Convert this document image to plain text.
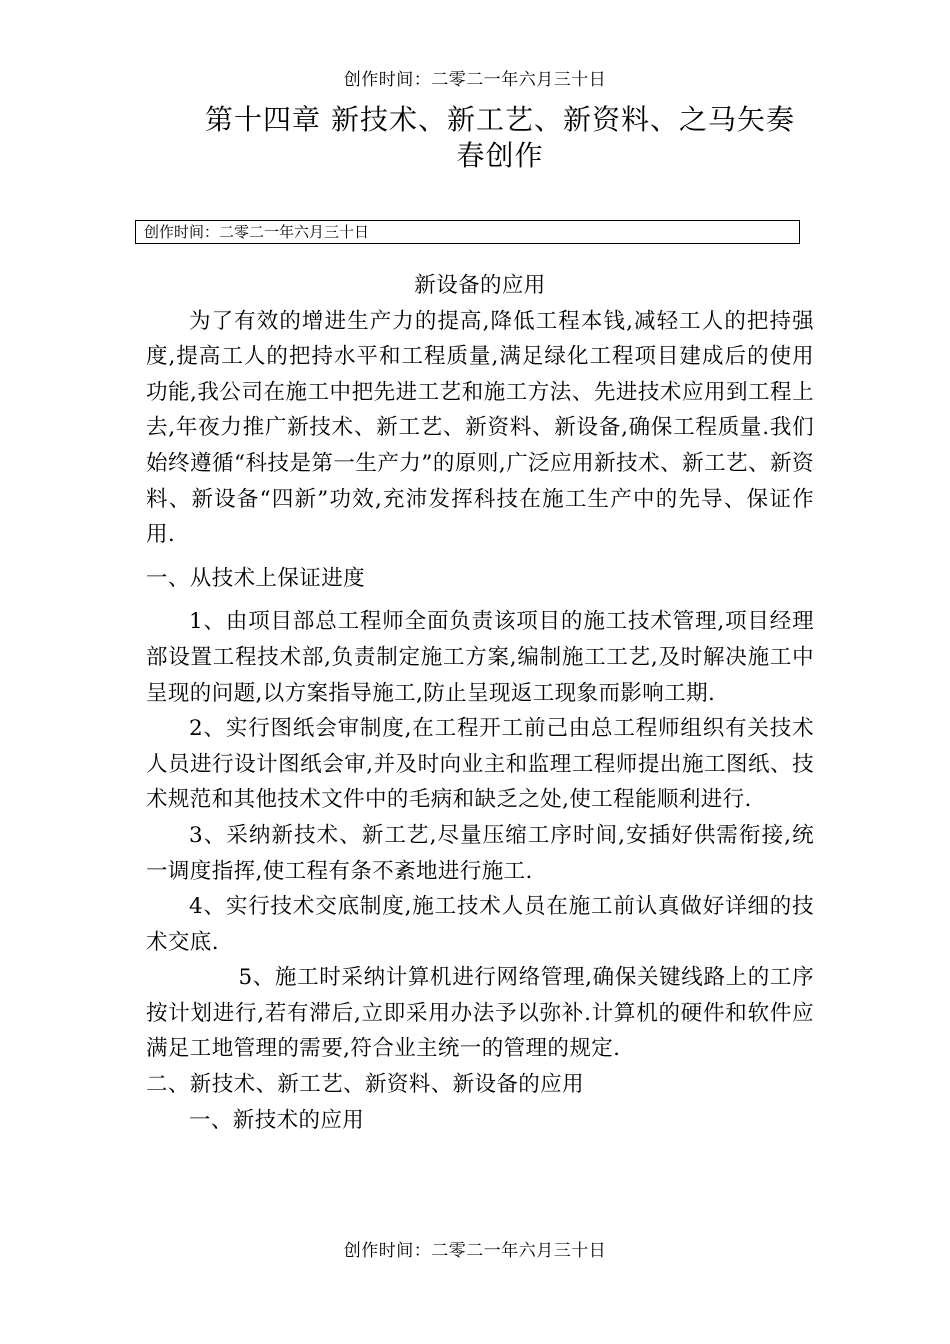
创作时间：二零二一年六月三十日
第十四章 新技术、新工艺、新资料、之马矢奏
春创作
创作时间：二零二一年六月三十日

新设备的应用

为了有效的增进生产力的提高,降低工程本钱,减轻工人的把持强度,提高工人的把持水平和工程质量,满足绿化工程项目建成后的使用功能,我公司在施工中把先进工艺和施工方法、先进技术应用到工程上去,年夜力推广新技术、新工艺、新资料、新设备,确保工程质量.我们始终遵循“科技是第一生产力”的原则,广泛应用新技术、新工艺、新资料、新设备“四新”功效,充沛发挥科技在施工生产中的先导、保证作用.

一、从技术上保证进度

1、由项目部总工程师全面负责该项目的施工技术管理,项目经理部设置工程技术部,负责制定施工方案,编制施工工艺,及时解决施工中呈现的问题,以方案指导施工,防止呈现返工现象而影响工期.

2、实行图纸会审制度,在工程开工前己由总工程师组织有关技术人员进行设计图纸会审,并及时向业主和监理工程师提出施工图纸、技术规范和其他技术文件中的毛病和缺乏之处,使工程能顺利进行.

3、采纳新技术、新工艺,尽量压缩工序时间,安插好供需衔接,统一调度指挥,使工程有条不紊地进行施工.

4、实行技术交底制度,施工技术人员在施工前认真做好详细的技术交底.

5、施工时采纳计算机进行网络管理,确保关键线路上的工序按计划进行,若有滞后,立即采用办法予以弥补.计算机的硬件和软件应满足工地管理的需要,符合业主统一的管理的规定.

二、新技术、新工艺、新资料、新设备的应用

一、新技术的应用

创作时间：二零二一年六月三十日
